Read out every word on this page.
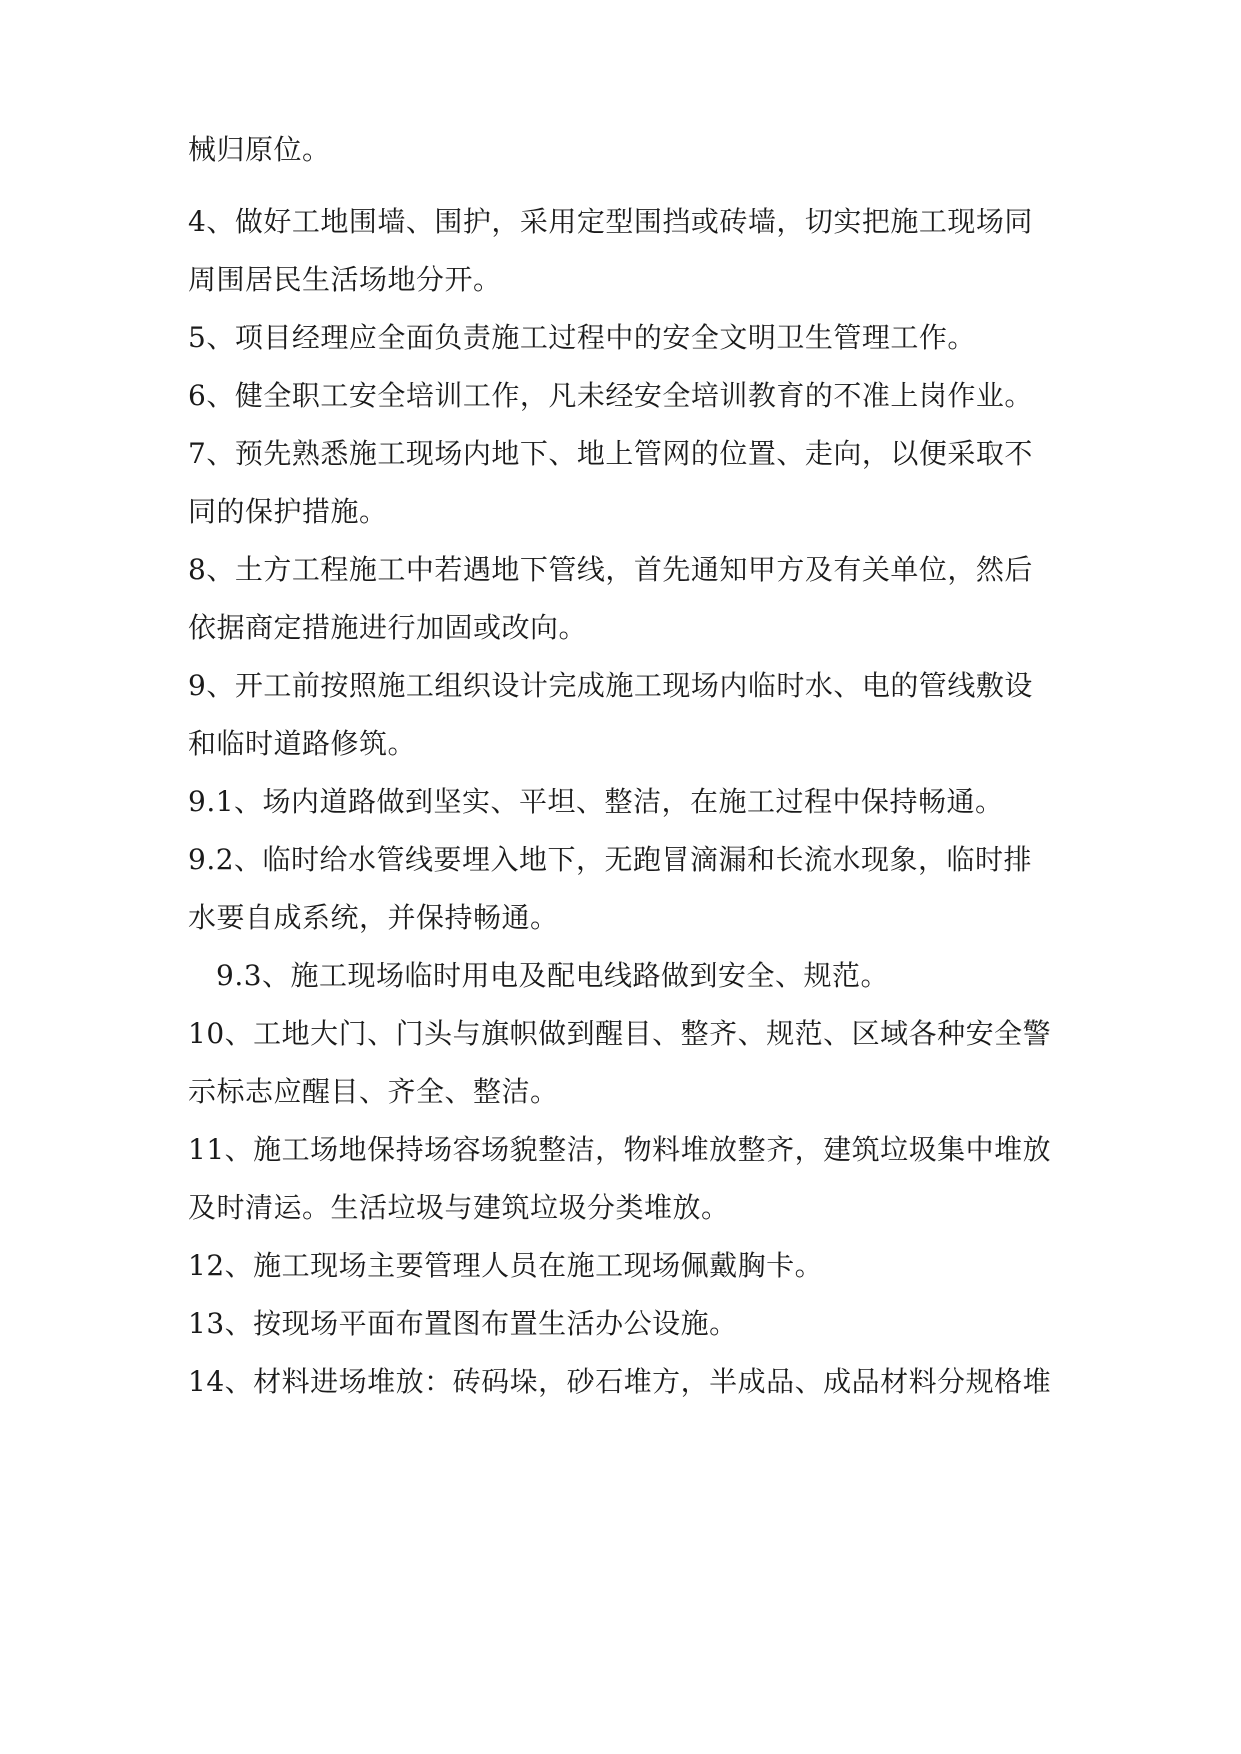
械归原位。

4、做好工地围墙、围护，采用定型围挡或砖墙，切实把施工现场同

周围居民生活场地分开。

5、项目经理应全面负责施工过程中的安全文明卫生管理工作。

6、健全职工安全培训工作，凡未经安全培训教育的不准上岗作业。

7、预先熟悉施工现场内地下、地上管网的位置、走向，以便采取不

同的保护措施。

8、土方工程施工中若遇地下管线，首先通知甲方及有关单位，然后

依据商定措施进行加固或改向。

9、开工前按照施工组织设计完成施工现场内临时水、电的管线敷设

和临时道路修筑。

9.1、场内道路做到坚实、平坦、整洁，在施工过程中保持畅通。

9.2、临时给水管线要埋入地下，无跑冒滴漏和长流水现象，临时排

水要自成系统，并保持畅通。

9.3、施工现场临时用电及配电线路做到安全、规范。

10、工地大门、门头与旗帜做到醒目、整齐、规范、区域各种安全警

示标志应醒目、齐全、整洁。

11、施工场地保持场容场貌整洁，物料堆放整齐，建筑垃圾集中堆放

及时清运。生活垃圾与建筑垃圾分类堆放。

12、施工现场主要管理人员在施工现场佩戴胸卡。

13、按现场平面布置图布置生活办公设施。

14、材料进场堆放：砖码垛，砂石堆方，半成品、成品材料分规格堆
